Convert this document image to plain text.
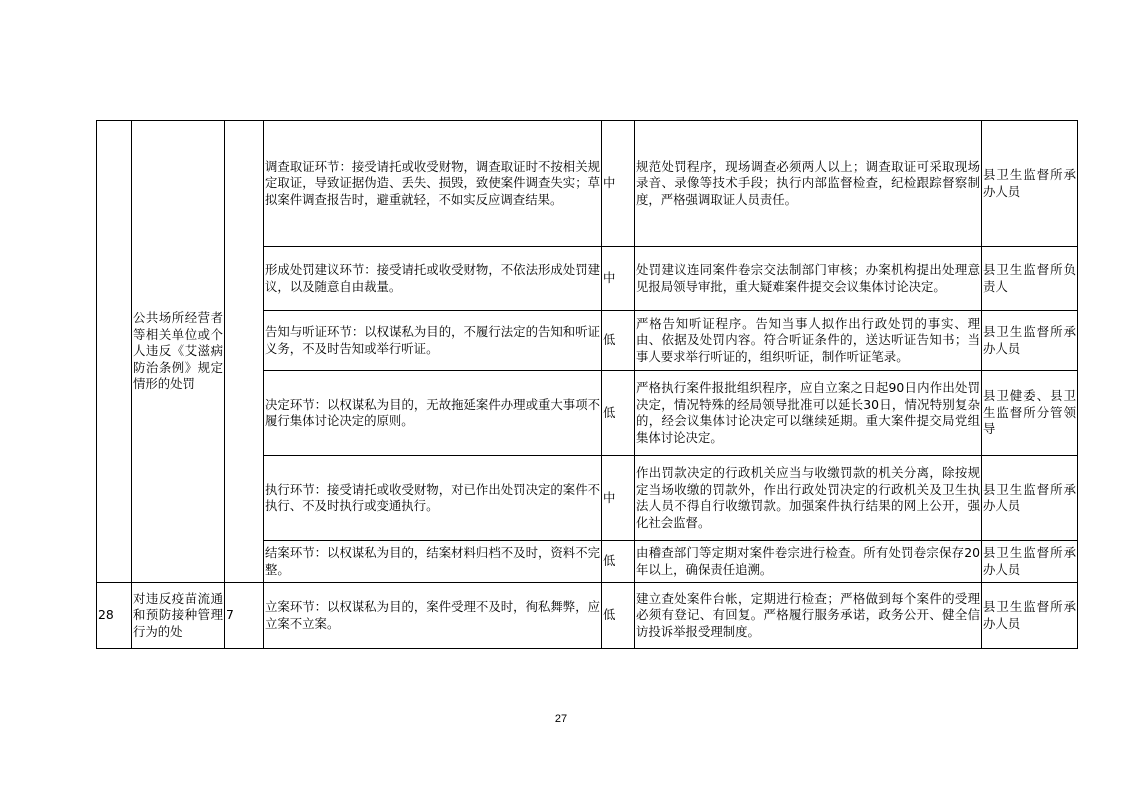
	公共场所经营者等相关单位或个人违反《艾滋病防治条例》规定情形的处罚		调查取证环节：接受请托或收受财物，调查取证时不按相关规定取证，导致证据伪造、丢失、损毁，致使案件调查失实；草拟案件调查报告时，避重就轻，不如实反应调查结果。	中	规范处罚程序，现场调查必须两人以上；调查取证可采取现场录音、录像等技术手段；执行内部监督检查，纪检跟踪督察制度，严格强调取证人员责任。	县卫生监督所承办人员
			形成处罚建议环节：接受请托或收受财物，不依法形成处罚建议，以及随意自由裁量。	中	处罚建议连同案件卷宗交法制部门审核；办案机构提出处理意见报局领导审批，重大疑难案件提交会议集体讨论决定。	县卫生监督所负责人
			告知与听证环节：以权谋私为目的，不履行法定的告知和听证义务，不及时告知或举行听证。	低	严格告知听证程序。告知当事人拟作出行政处罚的事实、理由、依据及处罚内容。符合听证条件的，送达听证告知书；当事人要求举行听证的，组织听证，制作听证笔录。	县卫生监督所承办人员
			决定环节：以权谋私为目的，无故拖延案件办理或重大事项不履行集体讨论决定的原则。	低	严格执行案件报批组织程序，应自立案之日起90日内作出处罚决定，情况特殊的经局领导批准可以延长30日，情况特别复杂的，经会议集体讨论决定可以继续延期。重大案件提交局党组集体讨论决定。	县卫健委、县卫生监督所分管领导
			执行环节：接受请托或收受财物，对已作出处罚决定的案件不执行、不及时执行或变通执行。	中	作出罚款决定的行政机关应当与收缴罚款的机关分离，除按规定当场收缴的罚款外，作出行政处罚决定的行政机关及卫生执法人员不得自行收缴罚款。加强案件执行结果的网上公开，强化社会监督。	县卫生监督所承办人员
			结案环节：以权谋私为目的，结案材料归档不及时，资料不完整。	低	由稽查部门等定期对案件卷宗进行检查。所有处罚卷宗保存20年以上，确保责任追溯。	县卫生监督所承办人员
28	对违反疫苗流通和预防接种管理行为的处	7	立案环节：以权谋私为目的，案件受理不及时，徇私舞弊，应立案不立案。	低	建立查处案件台帐，定期进行检查；严格做到每个案件的受理必须有登记、有回复。严格履行服务承诺，政务公开、健全信访投诉举报受理制度。	县卫生监督所承办人员
27
